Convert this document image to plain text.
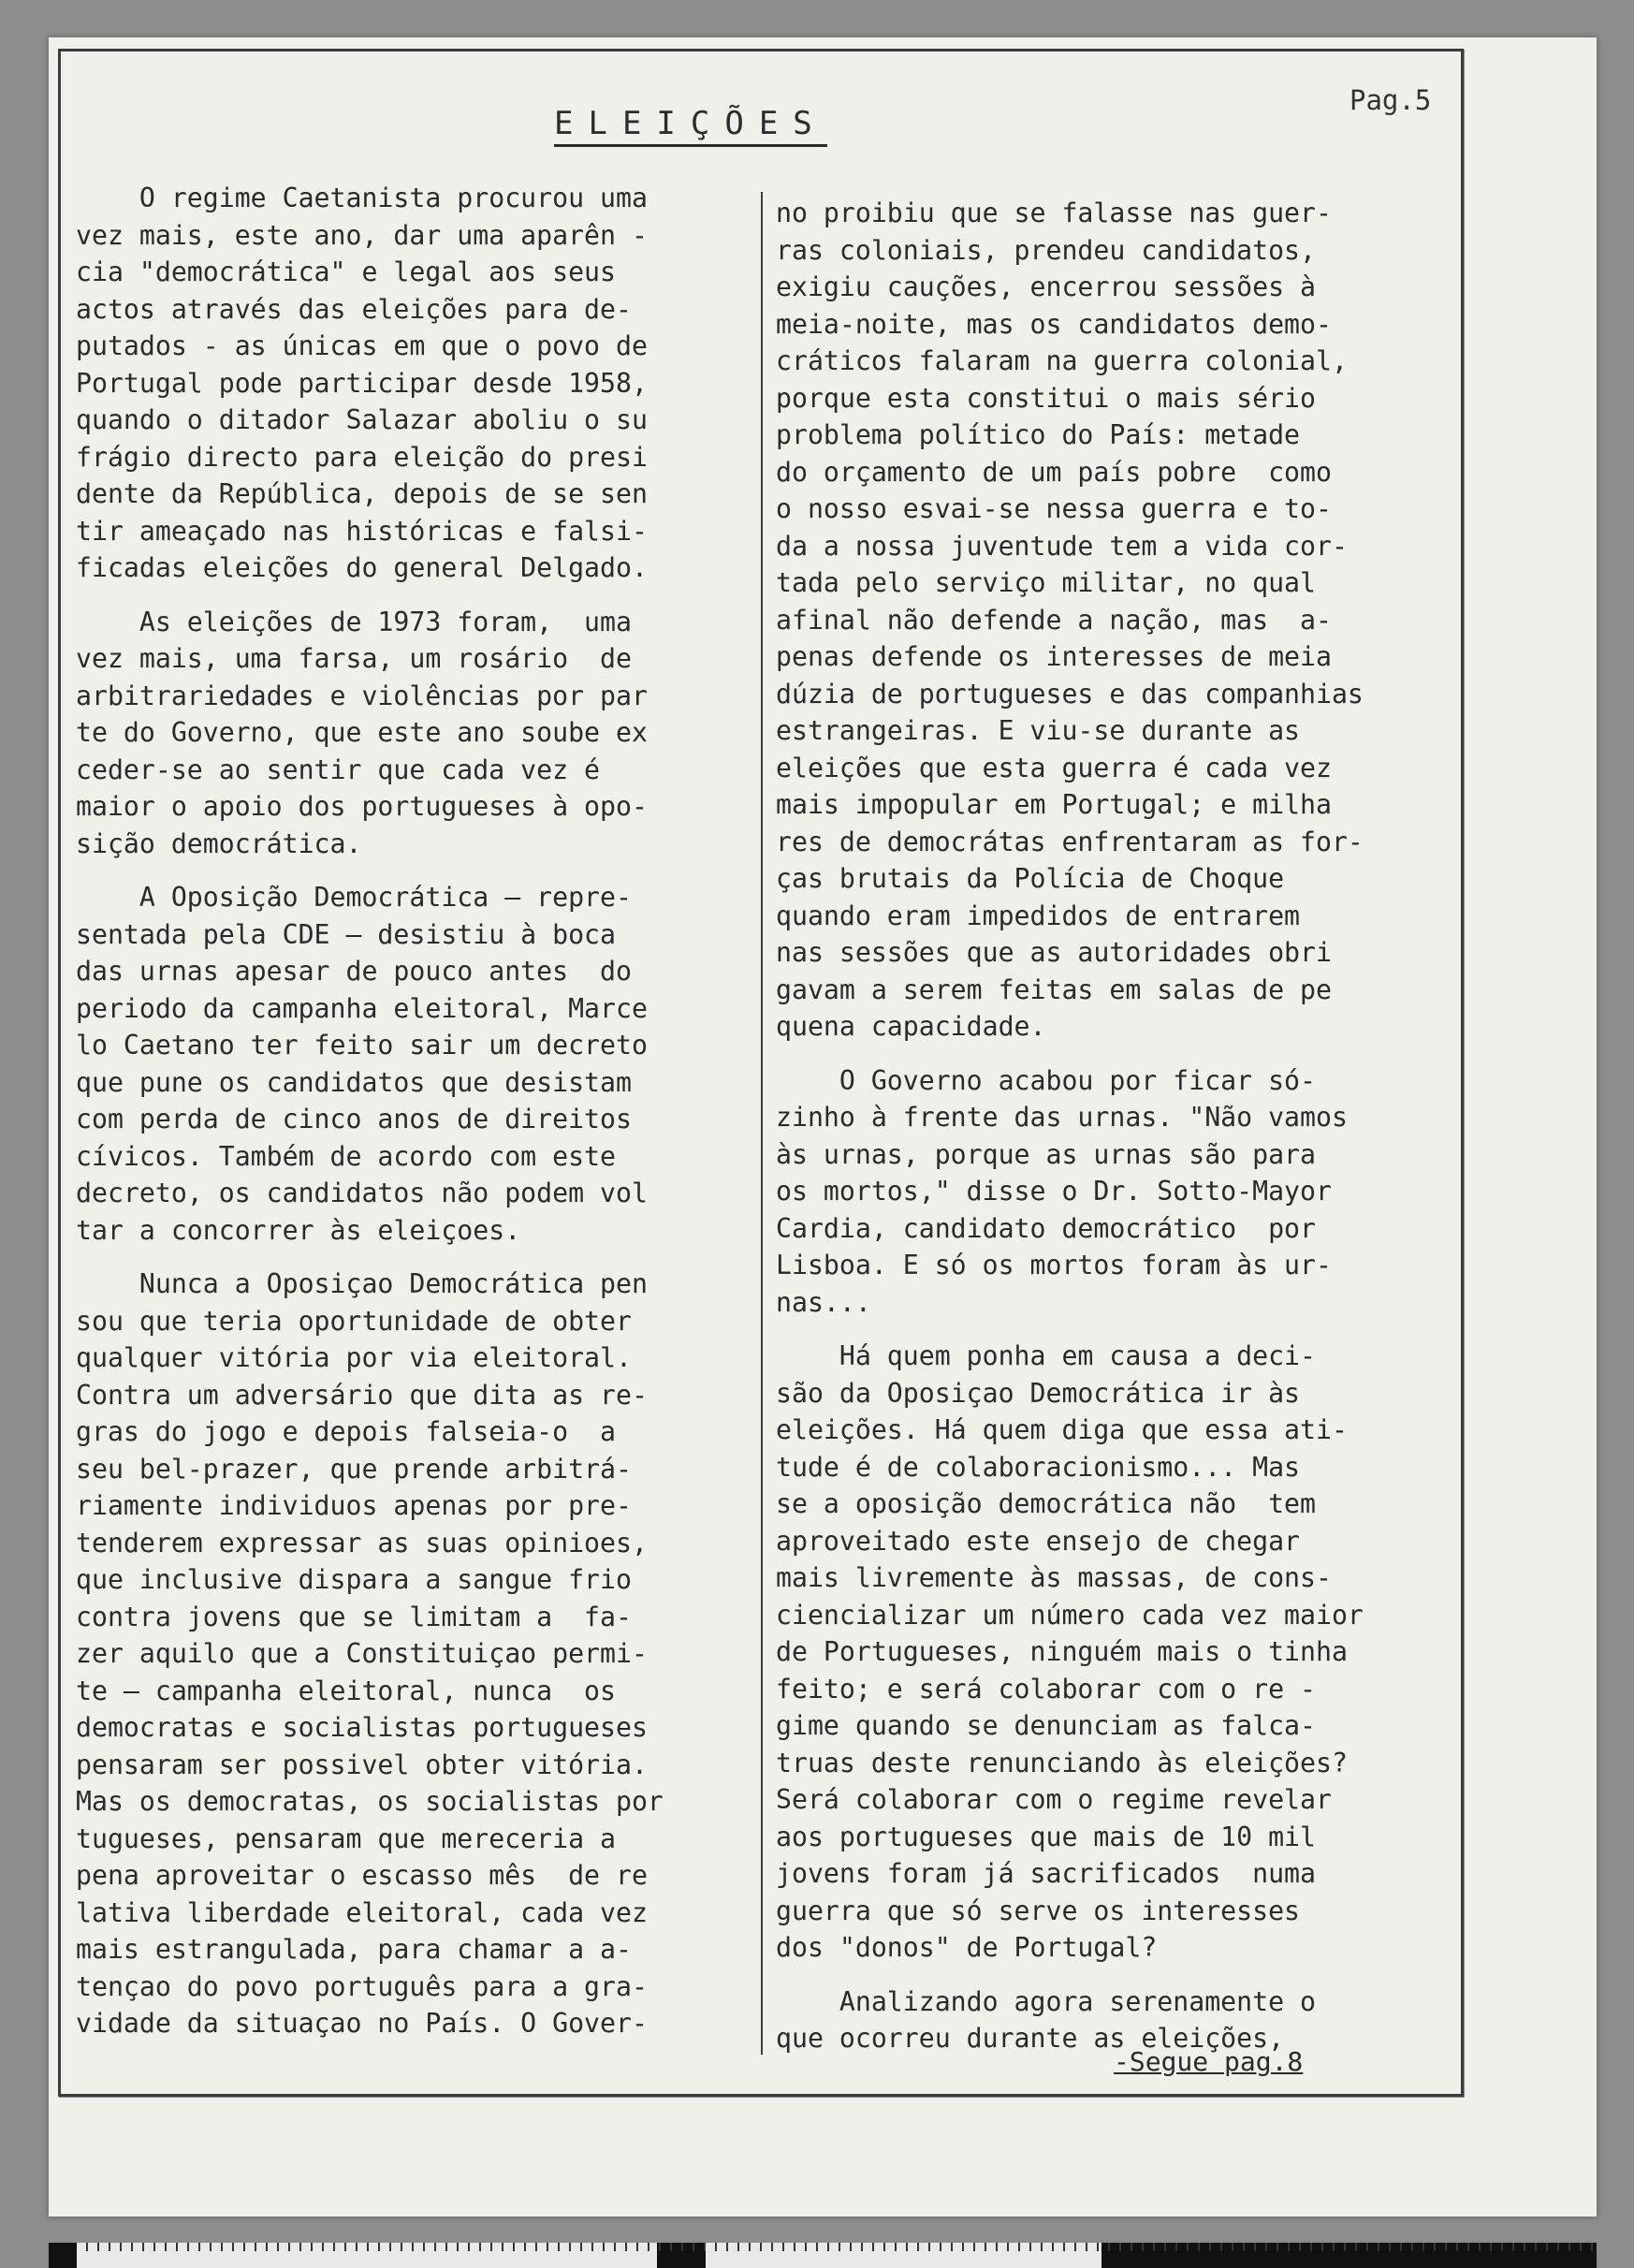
ELEIÇÕES
Pag.5
O regime Caetanista procurou uma
vez mais, este ano, dar uma aparên -
cia "democrática" e legal aos seus
actos através das eleições para de-
putados - as únicas em que o povo de
Portugal pode participar desde 1958,
quando o ditador Salazar aboliu o su
frágio directo para eleição do presi
dente da República, depois de se sen
tir ameaçado nas históricas e falsi-
ficadas eleições do general Delgado.
As eleições de 1973 foram,  uma
vez mais, uma farsa, um rosário  de
arbitrariedades e violências por par
te do Governo, que este ano soube ex
ceder-se ao sentir que cada vez é
maior o apoio dos portugueses à opo-
sição democrática.
A Oposição Democrática — repre-
sentada pela CDE — desistiu à boca
das urnas apesar de pouco antes  do
periodo da campanha eleitoral, Marce
lo Caetano ter feito sair um decreto
que pune os candidatos que desistam
com perda de cinco anos de direitos
cívicos. Também de acordo com este
decreto, os candidatos não podem vol
tar a concorrer às eleiçoes.
Nunca a Oposiçao Democrática pen
sou que teria oportunidade de obter
qualquer vitória por via eleitoral.
Contra um adversário que dita as re-
gras do jogo e depois falseia-o  a
seu bel-prazer, que prende arbitrá-
riamente individuos apenas por pre-
tenderem expressar as suas opinioes,
que inclusive dispara a sangue frio
contra jovens que se limitam a  fa-
zer aquilo que a Constituiçao permi-
te — campanha eleitoral, nunca  os
democratas e socialistas portugueses
pensaram ser possivel obter vitória.
Mas os democratas, os socialistas por
tugueses, pensaram que mereceria a
pena aproveitar o escasso mês  de re
lativa liberdade eleitoral, cada vez
mais estrangulada, para chamar a a-
tençao do povo português para a gra-
vidade da situaçao no País. O Gover-
no proibiu que se falasse nas guer-
ras coloniais, prendeu candidatos,
exigiu cauções, encerrou sessões à
meia-noite, mas os candidatos demo-
cráticos falaram na guerra colonial,
porque esta constitui o mais sério
problema político do País: metade
do orçamento de um país pobre  como
o nosso esvai-se nessa guerra e to-
da a nossa juventude tem a vida cor-
tada pelo serviço militar, no qual
afinal não defende a nação, mas  a-
penas defende os interesses de meia
dúzia de portugueses e das companhias
estrangeiras. E viu-se durante as
eleições que esta guerra é cada vez
mais impopular em Portugal; e milha
res de democrátas enfrentaram as for-
ças brutais da Polícia de Choque
quando eram impedidos de entrarem
nas sessões que as autoridades obri
gavam a serem feitas em salas de pe
quena capacidade.
O Governo acabou por ficar só-
zinho à frente das urnas. "Não vamos
às urnas, porque as urnas são para
os mortos," disse o Dr. Sotto-Mayor
Cardia, candidato democrático  por
Lisboa. E só os mortos foram às ur-
nas...
Há quem ponha em causa a deci-
são da Oposiçao Democrática ir às
eleições. Há quem diga que essa ati-
tude é de colaboracionismo... Mas
se a oposição democrática não  tem
aproveitado este ensejo de chegar
mais livremente às massas, de cons-
ciencializar um número cada vez maior
de Portugueses, ninguém mais o tinha
feito; e será colaborar com o re -
gime quando se denunciam as falca-
truas deste renunciando às eleições?
Será colaborar com o regime revelar
aos portugueses que mais de 10 mil
jovens foram já sacrificados  numa
guerra que só serve os interesses
dos "donos" de Portugal?
Analizando agora serenamente o
que ocorreu durante as eleições,
-Segue pag.8
